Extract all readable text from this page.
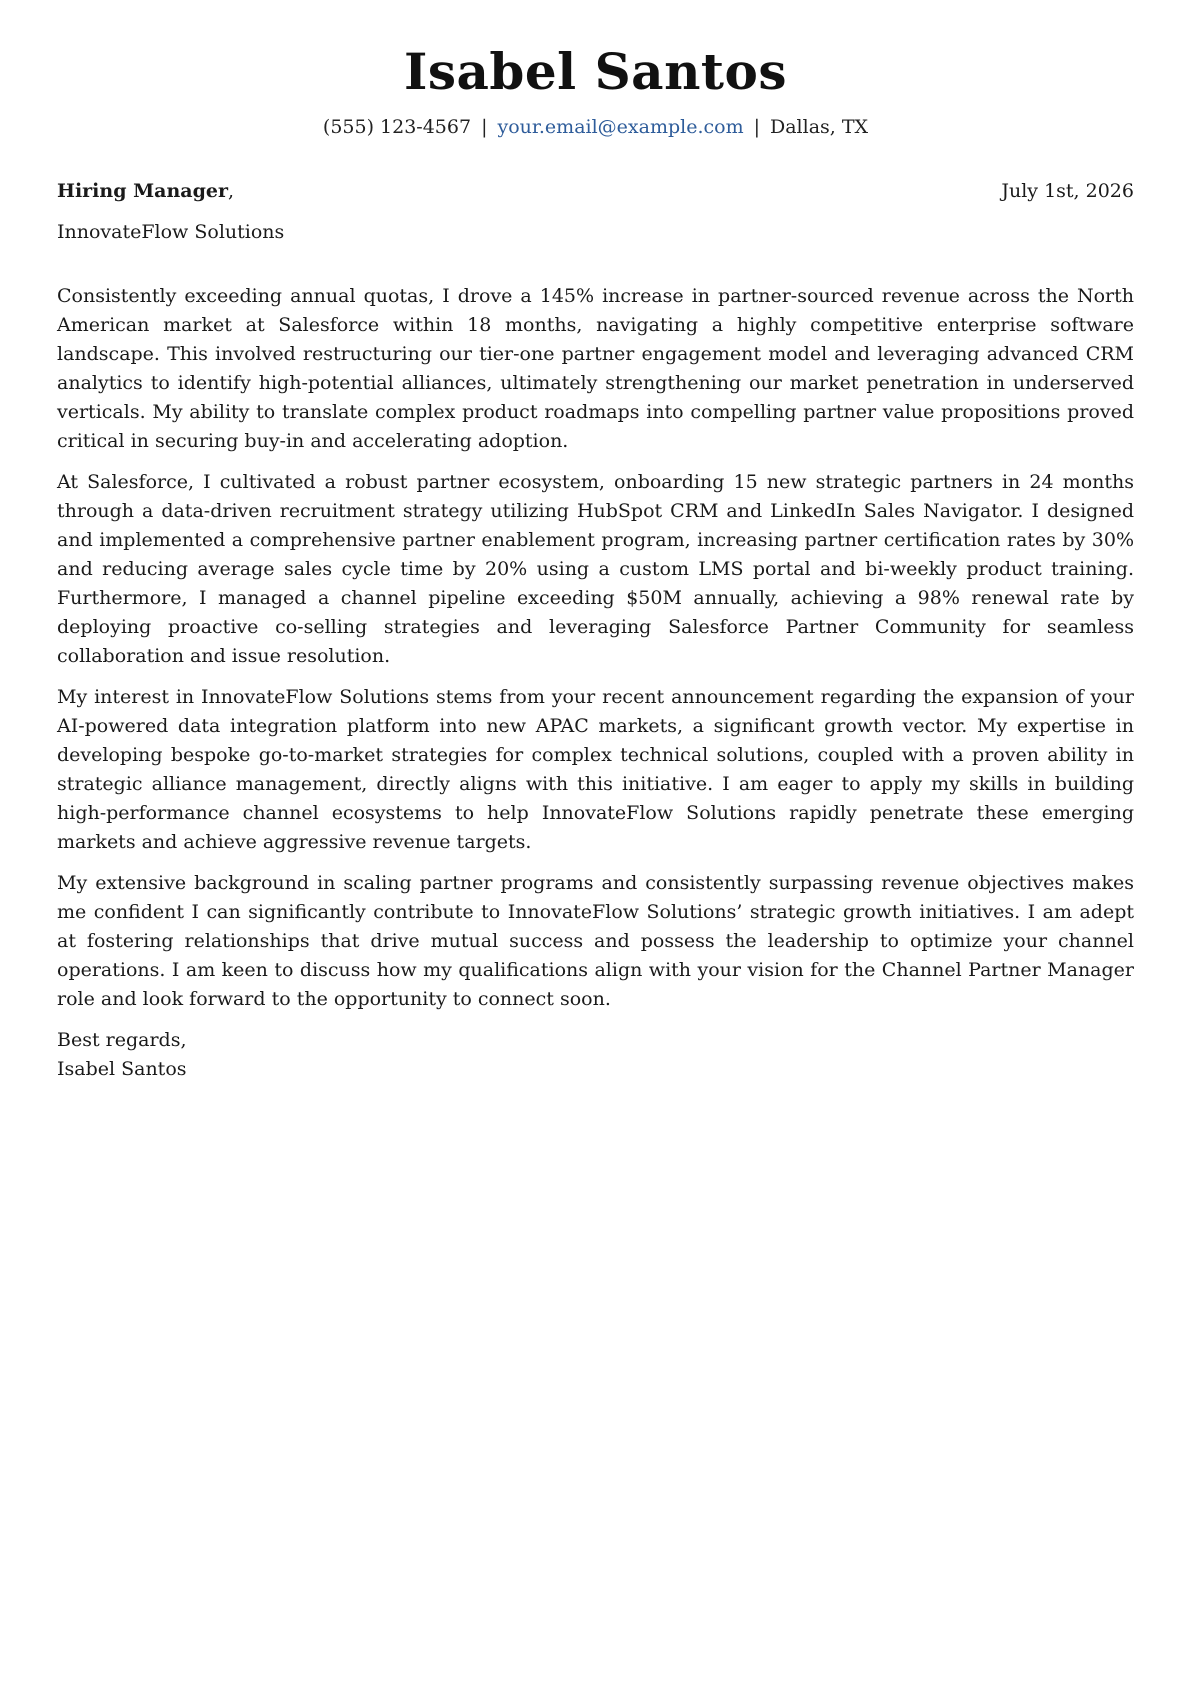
Isabel Santos
(555) 123-4567 | your.email@example.com | Dallas, TX
Hiring Manager,	July 1st, 2026
InnovateFlow Solutions

Consistently exceeding annual quotas, I drove a 145% increase in partner-sourced revenue across the North American market at Salesforce within 18 months, navigating a highly competitive enterprise software landscape. This involved restructuring our tier-one partner engagement model and leveraging advanced CRM analytics to identify high-potential alliances, ultimately strengthening our market penetration in underserved verticals. My ability to translate complex product roadmaps into compelling partner value propositions proved critical in securing buy-in and accelerating adoption.

At Salesforce, I cultivated a robust partner ecosystem, onboarding 15 new strategic partners in 24 months through a data-driven recruitment strategy utilizing HubSpot CRM and LinkedIn Sales Navigator. I designed and implemented a comprehensive partner enablement program, increasing partner certification rates by 30% and reducing average sales cycle time by 20% using a custom LMS portal and bi-weekly product training. Furthermore, I managed a channel pipeline exceeding $50M annually, achieving a 98% renewal rate by deploying proactive co-selling strategies and leveraging Salesforce Partner Community for seamless collaboration and issue resolution.

My interest in InnovateFlow Solutions stems from your recent announcement regarding the expansion of your AI-powered data integration platform into new APAC markets, a significant growth vector. My expertise in developing bespoke go-to-market strategies for complex technical solutions, coupled with a proven ability in strategic alliance management, directly aligns with this initiative. I am eager to apply my skills in building high-performance channel ecosystems to help InnovateFlow Solutions rapidly penetrate these emerging markets and achieve aggressive revenue targets.

My extensive background in scaling partner programs and consistently surpassing revenue objectives makes me confident I can significantly contribute to InnovateFlow Solutions’ strategic growth initiatives. I am adept at fostering relationships that drive mutual success and possess the leadership to optimize your channel operations. I am keen to discuss how my qualifications align with your vision for the Channel Partner Manager role and look forward to the opportunity to connect soon.

Best regards,
Isabel Santos
